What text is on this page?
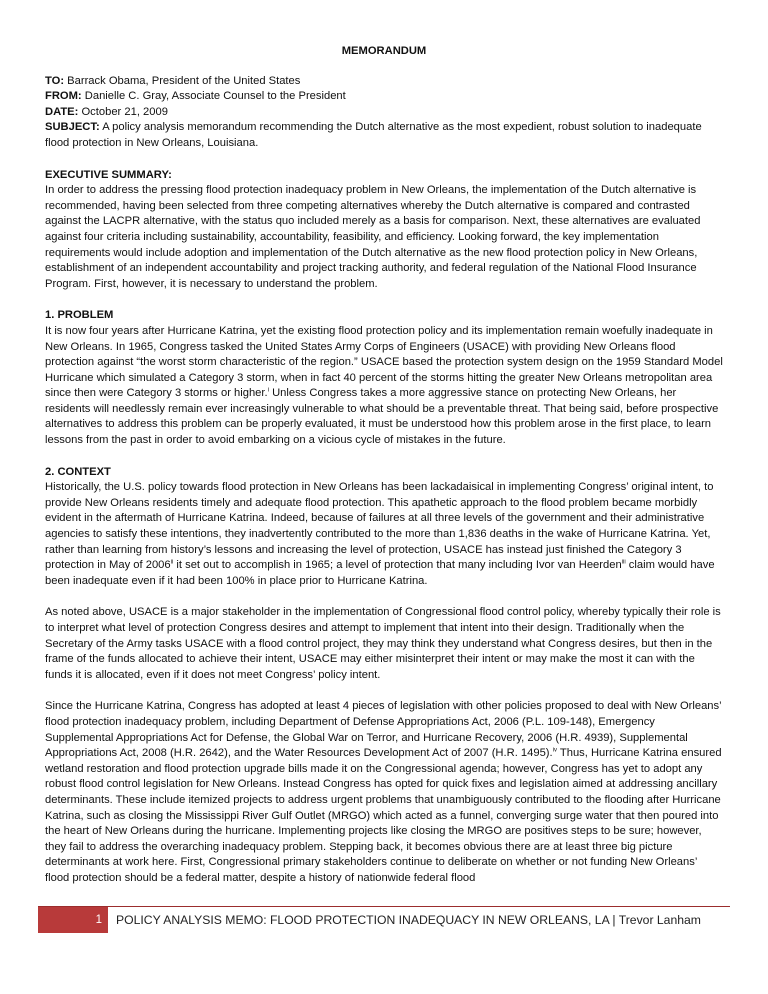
MEMORANDUM

TO: Barrack Obama, President of the United States

FROM: Danielle C. Gray, Associate Counsel to the President

DATE: October 21, 2009

SUBJECT: A policy analysis memorandum recommending the Dutch alternative as the most expedient, robust solution to inadequate flood protection in New Orleans, Louisiana.

EXECUTIVE SUMMARY:

In order to address the pressing flood protection inadequacy problem in New Orleans, the implementation of the Dutch alternative is recommended, having been selected from three competing alternatives whereby the Dutch alternative is compared and contrasted against the LACPR alternative, with the status quo included merely as a basis for comparison. Next, these alternatives are evaluated against four criteria including sustainability, accountability, feasibility, and efficiency. Looking forward, the key implementation requirements would include adoption and implementation of the Dutch alternative as the new flood protection policy in New Orleans, establishment of an independent accountability and project tracking authority, and federal regulation of the National Flood Insurance Program. First, however, it is necessary to understand the problem.

1. PROBLEM

It is now four years after Hurricane Katrina, yet the existing flood protection policy and its implementation remain woefully inadequate in New Orleans. In 1965, Congress tasked the United States Army Corps of Engineers (USACE) with providing New Orleans flood protection against “the worst storm characteristic of the region.” USACE based the protection system design on the 1959 Standard Model Hurricane which simulated a Category 3 storm, when in fact 40 percent of the storms hitting the greater New Orleans metropolitan area since then were Category 3 storms or higher.$^i$ Unless Congress takes a more aggressive stance on protecting New Orleans, her residents will needlessly remain ever increasingly vulnerable to what should be a preventable threat. That being said, before prospective alternatives to address this problem can be properly evaluated, it must be understood how this problem arose in the first place, to learn lessons from the past in order to avoid embarking on a vicious cycle of mistakes in the future.

2. CONTEXT

Historically, the U.S. policy towards flood protection in New Orleans has been lackadaisical in implementing Congress’ original intent, to provide New Orleans residents timely and adequate flood protection. This apathetic approach to the flood problem became morbidly evident in the aftermath of Hurricane Katrina. Indeed, because of failures at all three levels of the government and their administrative agencies to satisfy these intentions, they inadvertently contributed to the more than 1,836 deaths in the wake of Hurricane Katrina. Yet, rather than learning from history’s lessons and increasing the level of protection, USACE has instead just finished the Category 3 protection in May of 2006$^{ii}$ it set out to accomplish in 1965; a level of protection that many including Ivor van Heerden$^{iii}$ claim would have been inadequate even if it had been 100% in place prior to Hurricane Katrina.

As noted above, USACE is a major stakeholder in the implementation of Congressional flood control policy, whereby typically their role is to interpret what level of protection Congress desires and attempt to implement that intent into their design. Traditionally when the Secretary of the Army tasks USACE with a flood control project, they may think they understand what Congress desires, but then in the frame of the funds allocated to achieve their intent, USACE may either misinterpret their intent or may make the most it can with the funds it is allocated, even if it does not meet Congress’ policy intent.

Since the Hurricane Katrina, Congress has adopted at least 4 pieces of legislation with other policies proposed to deal with New Orleans’ flood protection inadequacy problem, including Department of Defense Appropriations Act, 2006 (P.L. 109-148), Emergency Supplemental Appropriations Act for Defense, the Global War on Terror, and Hurricane Recovery, 2006 (H.R. 4939), Supplemental Appropriations Act, 2008 (H.R. 2642), and the Water Resources Development Act of 2007 (H.R. 1495).$^{iv}$ Thus, Hurricane Katrina ensured wetland restoration and flood protection upgrade bills made it on the Congressional agenda; however, Congress has yet to adopt any robust flood control legislation for New Orleans. Instead Congress has opted for quick fixes and legislation aimed at addressing ancillary determinants. These include itemized projects to address urgent problems that unambiguously contributed to the flooding after Hurricane Katrina, such as closing the Mississippi River Gulf Outlet (MRGO) which acted as a funnel, converging surge water that then poured into the heart of New Orleans during the hurricane. Implementing projects like closing the MRGO are positives steps to be sure; however, they fail to address the overarching inadequacy problem. Stepping back, it becomes obvious there are at least three big picture determinants at work here. First, Congressional primary stakeholders continue to deliberate on whether or not funding New Orleans’ flood protection should be a federal matter, despite a history of nationwide federal flood

1	POLICY ANALYSIS MEMO: FLOOD PROTECTION INADEQUACY IN NEW ORLEANS, LA | Trevor Lanham
